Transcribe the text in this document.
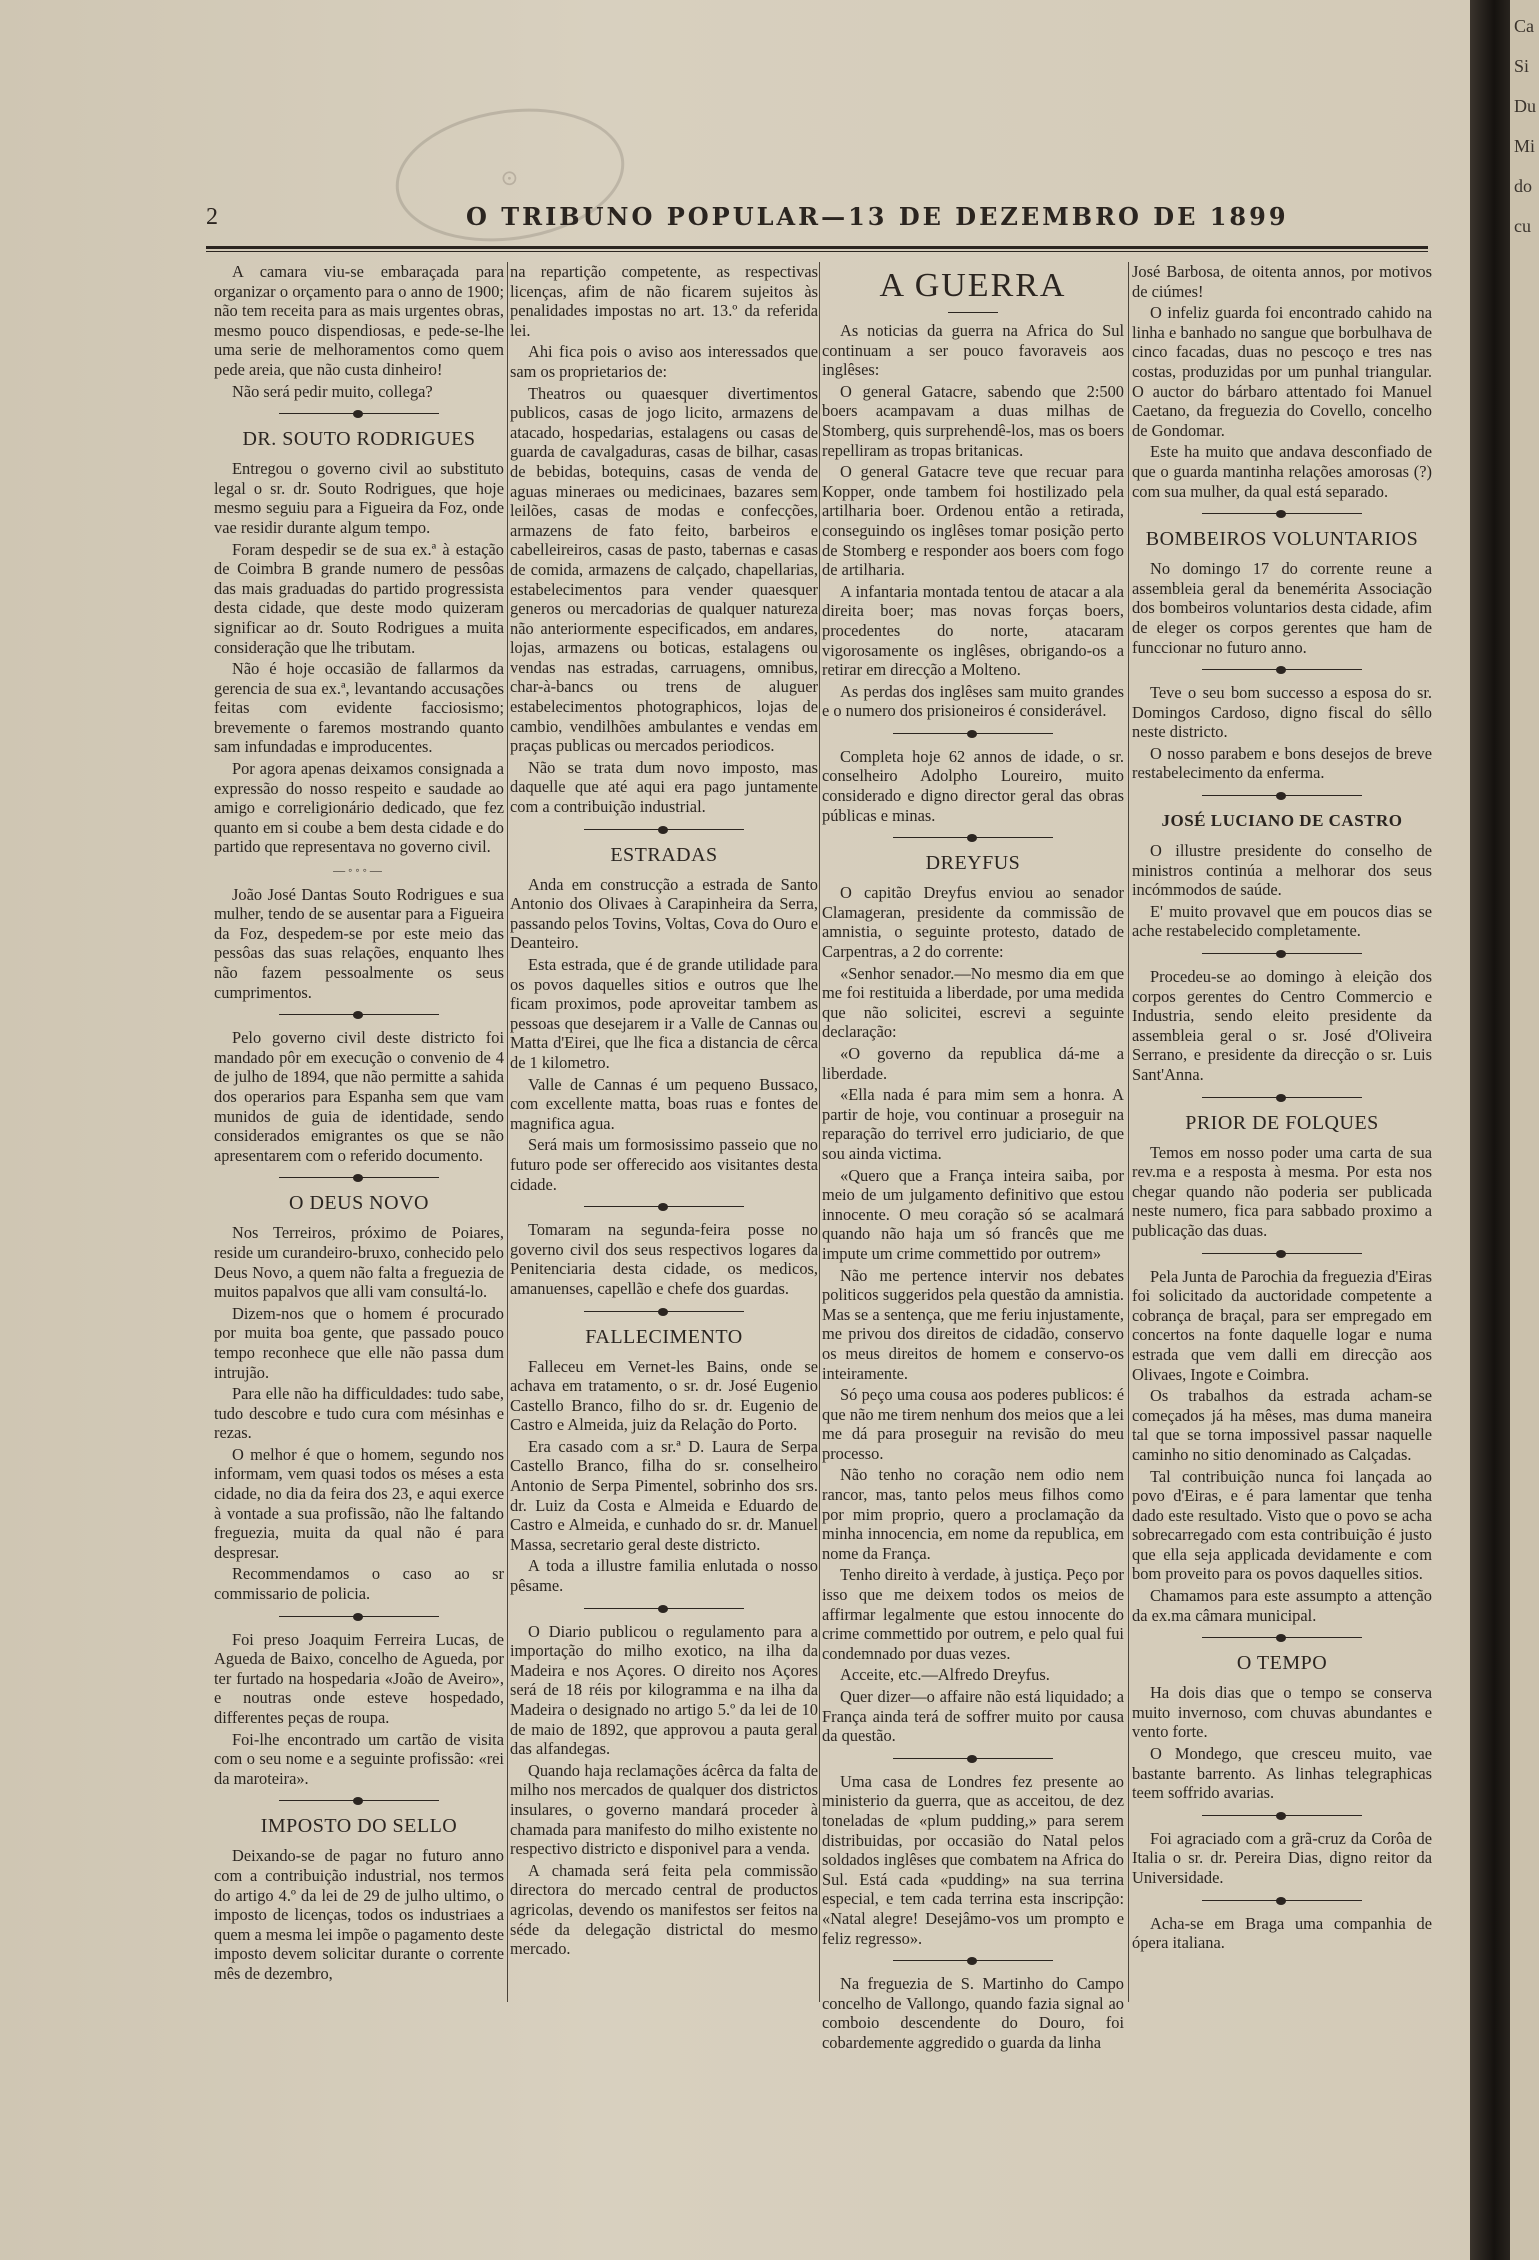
Ca
Si
Du
Mi
do
cu
⊙
2	O TRIBUNO POPULAR—13 DE DEZEMBRO DE 1899

A camara viu-se embaraçada para organizar o orçamento para o anno de 1900; não tem receita para as mais urgentes obras, mesmo pouco dispendiosas, e pede-se-lhe uma serie de melhoramentos como quem pede areia, que não custa dinheiro!

Não será pedir muito, collega?

DR. SOUTO RODRIGUES

Entregou o governo civil ao substituto legal o sr. dr. Souto Rodrigues, que hoje mesmo seguiu para a Figueira da Foz, onde vae residir durante algum tempo.

Foram despedir se de sua ex.ª à estação de Coimbra B grande numero de pessôas das mais graduadas do partido progressista desta cidade, que deste modo quizeram significar ao dr. Souto Rodrigues a muita consideração que lhe tributam.

Não é hoje occasião de fallarmos da gerencia de sua ex.ª, levantando accusações feitas com evidente facciosismo; brevemente o faremos mostrando quanto sam infundadas e improducentes.

Por agora apenas deixamos consignada a expressão do nosso respeito e saudade ao amigo e correligionário dedicado, que fez quanto em si coube a bem desta cidade e do partido que representava no governo civil.

—◦◦◦—

João José Dantas Souto Rodrigues e sua mulher, tendo de se ausentar para a Figueira da Foz, despedem-se por este meio das pessôas das suas relações, enquanto lhes não fazem pessoalmente os seus cumprimentos.

Pelo governo civil deste districto foi mandado pôr em execução o convenio de 4 de julho de 1894, que não permitte a sahida dos operarios para Espanha sem que vam munidos de guia de identidade, sendo considerados emigrantes os que se não apresentarem com o referido documento.

O DEUS NOVO

Nos Terreiros, próximo de Poiares, reside um curandeiro-bruxo, conhecido pelo Deus Novo, a quem não falta a freguezia de muitos papalvos que alli vam consultá-lo.

Dizem-nos que o homem é procurado por muita boa gente, que passado pouco tempo reconhece que elle não passa dum intrujão.

Para elle não ha difficuldades: tudo sabe, tudo descobre e tudo cura com mésinhas e rezas.

O melhor é que o homem, segundo nos informam, vem quasi todos os méses a esta cidade, no dia da feira dos 23, e aqui exerce à vontade a sua profissão, não lhe faltando freguezia, muita da qual não é para despresar.

Recommendamos o caso ao sr commissario de policia.

Foi preso Joaquim Ferreira Lucas, de Agueda de Baixo, concelho de Agueda, por ter furtado na hospedaria «João de Aveiro», e noutras onde esteve hospedado, differentes peças de roupa.

Foi-lhe encontrado um cartão de visita com o seu nome e a seguinte profissão: «rei da maroteira».

IMPOSTO DO SELLO

Deixando-se de pagar no futuro anno com a contribuição industrial, nos termos do artigo 4.º da lei de 29 de julho ultimo, o imposto de licenças, todos os industriaes a quem a mesma lei impõe o pagamento deste imposto devem solicitar durante o corrente mês de dezembro,

na repartição competente, as respectivas licenças, afim de não ficarem sujeitos às penalidades impostas no art. 13.º da referida lei.

Ahi fica pois o aviso aos interessados que sam os proprietarios de:

Theatros ou quaesquer divertimentos publicos, casas de jogo licito, armazens de atacado, hospedarias, estalagens ou casas de guarda de cavalgaduras, casas de bilhar, casas de bebidas, botequins, casas de venda de aguas mineraes ou medicinaes, bazares sem leilões, casas de modas e confecções, armazens de fato feito, barbeiros e cabelleireiros, casas de pasto, tabernas e casas de comida, armazens de calçado, chapellarias, estabelecimentos para vender quaesquer generos ou mercadorias de qualquer natureza não anteriormente especificados, em andares, lojas, armazens ou boticas, estalagens ou vendas nas estradas, carruagens, omnibus, char-à-bancs ou trens de aluguer estabelecimentos photographicos, lojas de cambio, vendilhões ambulantes e vendas em praças publicas ou mercados periodicos.

Não se trata dum novo imposto, mas daquelle que até aqui era pago juntamente com a contribuição industrial.

ESTRADAS

Anda em construcção a estrada de Santo Antonio dos Olivaes à Carapinheira da Serra, passando pelos Tovins, Voltas, Cova do Ouro e Deanteiro.

Esta estrada, que é de grande utilidade para os povos daquelles sitios e outros que lhe ficam proximos, pode aproveitar tambem as pessoas que desejarem ir a Valle de Cannas ou Matta d'Eirei, que lhe fica a distancia de cêrca de 1 kilometro.

Valle de Cannas é um pequeno Bussaco, com excellente matta, boas ruas e fontes de magnifica agua.

Será mais um formosissimo passeio que no futuro pode ser offerecido aos visitantes desta cidade.

Tomaram na segunda-feira posse no governo civil dos seus respectivos logares da Penitenciaria desta cidade, os medicos, amanuenses, capellão e chefe dos guardas.

FALLECIMENTO

Falleceu em Vernet-les Bains, onde se achava em tratamento, o sr. dr. José Eugenio Castello Branco, filho do sr. dr. Eugenio de Castro e Almeida, juiz da Relação do Porto.

Era casado com a sr.ª D. Laura de Serpa Castello Branco, filha do sr. conselheiro Antonio de Serpa Pimentel, sobrinho dos srs. dr. Luiz da Costa e Almeida e Eduardo de Castro e Almeida, e cunhado do sr. dr. Manuel Massa, secretario geral deste districto.

A toda a illustre familia enlutada o nosso pêsame.

O Diario publicou o regulamento para a importação do milho exotico, na ilha da Madeira e nos Açores. O direito nos Açores será de 18 réis por kilogramma e na ilha da Madeira o designado no artigo 5.º da lei de 10 de maio de 1892, que approvou a pauta geral das alfandegas.

Quando haja reclamações ácêrca da falta de milho nos mercados de qualquer dos districtos insulares, o governo mandará proceder à chamada para manifesto do milho existente no respectivo districto e disponivel para a venda.

A chamada será feita pela commissão directora do mercado central de productos agricolas, devendo os manifestos ser feitos na séde da delegação districtal do mesmo mercado.

A GUERRA

As noticias da guerra na Africa do Sul continuam a ser pouco favoraveis aos inglêses:

O general Gatacre, sabendo que 2:500 boers acampavam a duas milhas de Stomberg, quis surprehendê-los, mas os boers repelliram as tropas britanicas.

O general Gatacre teve que recuar para Kopper, onde tambem foi hostilizado pela artilharia boer. Ordenou então a retirada, conseguindo os inglêses tomar posição perto de Stomberg e responder aos boers com fogo de artilharia.

A infantaria montada tentou de atacar a ala direita boer; mas novas forças boers, procedentes do norte, atacaram vigorosamente os inglêses, obrigando-os a retirar em direcção a Molteno.

As perdas dos inglêses sam muito grandes e o numero dos prisioneiros é considerável.

Completa hoje 62 annos de idade, o sr. conselheiro Adolpho Loureiro, muito considerado e digno director geral das obras públicas e minas.

DREYFUS

O capitão Dreyfus enviou ao senador Clamageran, presidente da commissão de amnistia, o seguinte protesto, datado de Carpentras, a 2 do corrente:

«Senhor senador.—No mesmo dia em que me foi restituida a liberdade, por uma medida que não solicitei, escrevi a seguinte declaração:

«O governo da republica dá-me a liberdade.

«Ella nada é para mim sem a honra. A partir de hoje, vou continuar a proseguir na reparação do terrivel erro judiciario, de que sou ainda victima.

«Quero que a França inteira saiba, por meio de um julgamento definitivo que estou innocente. O meu coração só se acalmará quando não haja um só francês que me impute um crime commettido por outrem»

Não me pertence intervir nos debates politicos suggeridos pela questão da amnistia. Mas se a sentença, que me feriu injustamente, me privou dos direitos de cidadão, conservo os meus direitos de homem e conservo-os inteiramente.

Só peço uma cousa aos poderes publicos: é que não me tirem nenhum dos meios que a lei me dá para proseguir na revisão do meu processo.

Não tenho no coração nem odio nem rancor, mas, tanto pelos meus filhos como por mim proprio, quero a proclamação da minha innocencia, em nome da republica, em nome da França.

Tenho direito à verdade, à justiça. Peço por isso que me deixem todos os meios de affirmar legalmente que estou innocente do crime commettido por outrem, e pelo qual fui condemnado por duas vezes.

Acceite, etc.—Alfredo Dreyfus.

Quer dizer—o affaire não está liquidado; a França ainda terá de soffrer muito por causa da questão.

Uma casa de Londres fez presente ao ministerio da guerra, que as acceitou, de dez toneladas de «plum pudding,» para serem distribuidas, por occasião do Natal pelos soldados inglêses que combatem na Africa do Sul. Está cada «pudding» na sua terrina especial, e tem cada terrina esta inscripção: «Natal alegre! Desejâmo-vos um prompto e feliz regresso».

Na freguezia de S. Martinho do Campo concelho de Vallongo, quando fazia signal ao comboio descendente do Douro, foi cobardemente aggredido o guarda da linha

José Barbosa, de oitenta annos, por motivos de ciúmes!

O infeliz guarda foi encontrado cahido na linha e banhado no sangue que borbulhava de cinco facadas, duas no pescoço e tres nas costas, produzidas por um punhal triangular. O auctor do bárbaro attentado foi Manuel Caetano, da freguezia do Covello, concelho de Gondomar.

Este ha muito que andava desconfiado de que o guarda mantinha relações amorosas (?) com sua mulher, da qual está separado.

BOMBEIROS VOLUNTARIOS

No domingo 17 do corrente reune a assembleia geral da benemérita Associação dos bombeiros voluntarios desta cidade, afim de eleger os corpos gerentes que ham de funccionar no futuro anno.

Teve o seu bom successo a esposa do sr. Domingos Cardoso, digno fiscal do sêllo neste districto.

O nosso parabem e bons desejos de breve restabelecimento da enferma.

JOSÉ LUCIANO DE CASTRO

O illustre presidente do conselho de ministros continúa a melhorar dos seus incómmodos de saúde.

E' muito provavel que em poucos dias se ache restabelecido completamente.

Procedeu-se ao domingo à eleição dos corpos gerentes do Centro Commercio e Industria, sendo eleito presidente da assembleia geral o sr. José d'Oliveira Serrano, e presidente da direcção o sr. Luis Sant'Anna.

PRIOR DE FOLQUES

Temos em nosso poder uma carta de sua rev.ma e a resposta à mesma. Por esta nos chegar quando não poderia ser publicada neste numero, fica para sabbado proximo a publicação das duas.

Pela Junta de Parochia da freguezia d'Eiras foi solicitado da auctoridade competente a cobrança de braçal, para ser empregado em concertos na fonte daquelle logar e numa estrada que vem dalli em direcção aos Olivaes, Ingote e Coimbra.

Os trabalhos da estrada acham-se começados já ha mêses, mas duma maneira tal que se torna impossivel passar naquelle caminho no sitio denominado as Calçadas.

Tal contribuição nunca foi lançada ao povo d'Eiras, e é para lamentar que tenha dado este resultado. Visto que o povo se acha sobrecarregado com esta contribuição é justo que ella seja applicada devidamente e com bom proveito para os povos daquelles sitios.

Chamamos para este assumpto a attenção da ex.ma câmara municipal.

O TEMPO

Ha dois dias que o tempo se conserva muito invernoso, com chuvas abundantes e vento forte.

O Mondego, que cresceu muito, vae bastante barrento. As linhas telegraphicas teem soffrido avarias.

Foi agraciado com a grã-cruz da Corôa de Italia o sr. dr. Pereira Dias, digno reitor da Universidade.

Acha-se em Braga uma companhia de ópera italiana.
